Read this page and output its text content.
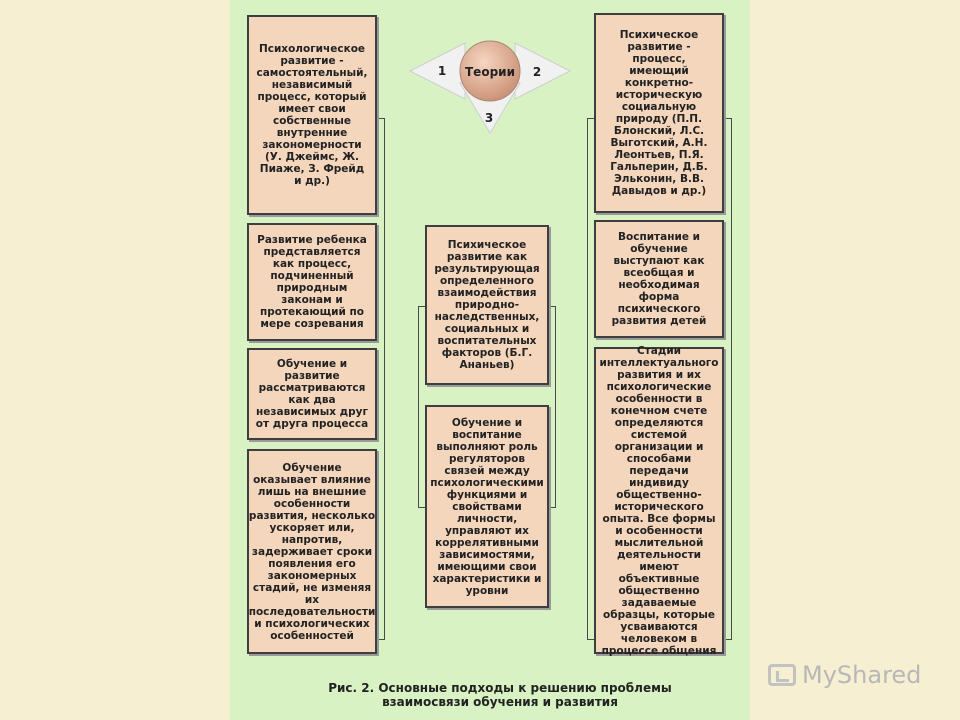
Теории
1	2
3
Психологическое развитие - самостоятельный, независимый процесс, который имеет свои собственные внутренние закономерности (У. Джеймс, Ж. Пиаже, З. Фрейд и др.)
Развитие ребенка представляется как процесс, подчиненный природным законам и протекающий по мере созревания
Обучение и развитие рассматриваются как два независимых друг от друга процесса
Обучение оказывает влияние лишь на внешние особенности развития, несколько ускоряет или, напротив, задерживает сроки появления его закономерных стадий, не изменяя их последовательности и психологических особенностей
Психическое развитие как результирующая определенного взаимодействия природно-наследственных, социальных и воспитательных факторов (Б.Г. Ананьев)
Обучение и воспитание выполняют роль регуляторов связей между психологическими функциями и свойствами личности, управляют их коррелятивными зависимостями, имеющими свои характеристики и уровни
Психическое развитие - процесс, имеющий конкретно-историческую социальную природу (П.П. Блонский, Л.С. Выготский, А.Н. Леонтьев, П.Я. Гальперин, Д.Б. Эльконин, В.В. Давыдов и др.)
Воспитание и обучение выступают как всеобщая и необходимая форма психического развития детей
Стадии интеллектуального развития и их психологические особенности в конечном счете определяются системой организации и способами передачи индивиду общественно-исторического опыта. Все формы и особенности мыслительной деятельности имеют объективные общественно задаваемые образцы, которые усваиваются человеком в процессе общения
Рис. 2. Основные подходы к решению проблемы
взаимосвязи обучения и развития
MyShared
